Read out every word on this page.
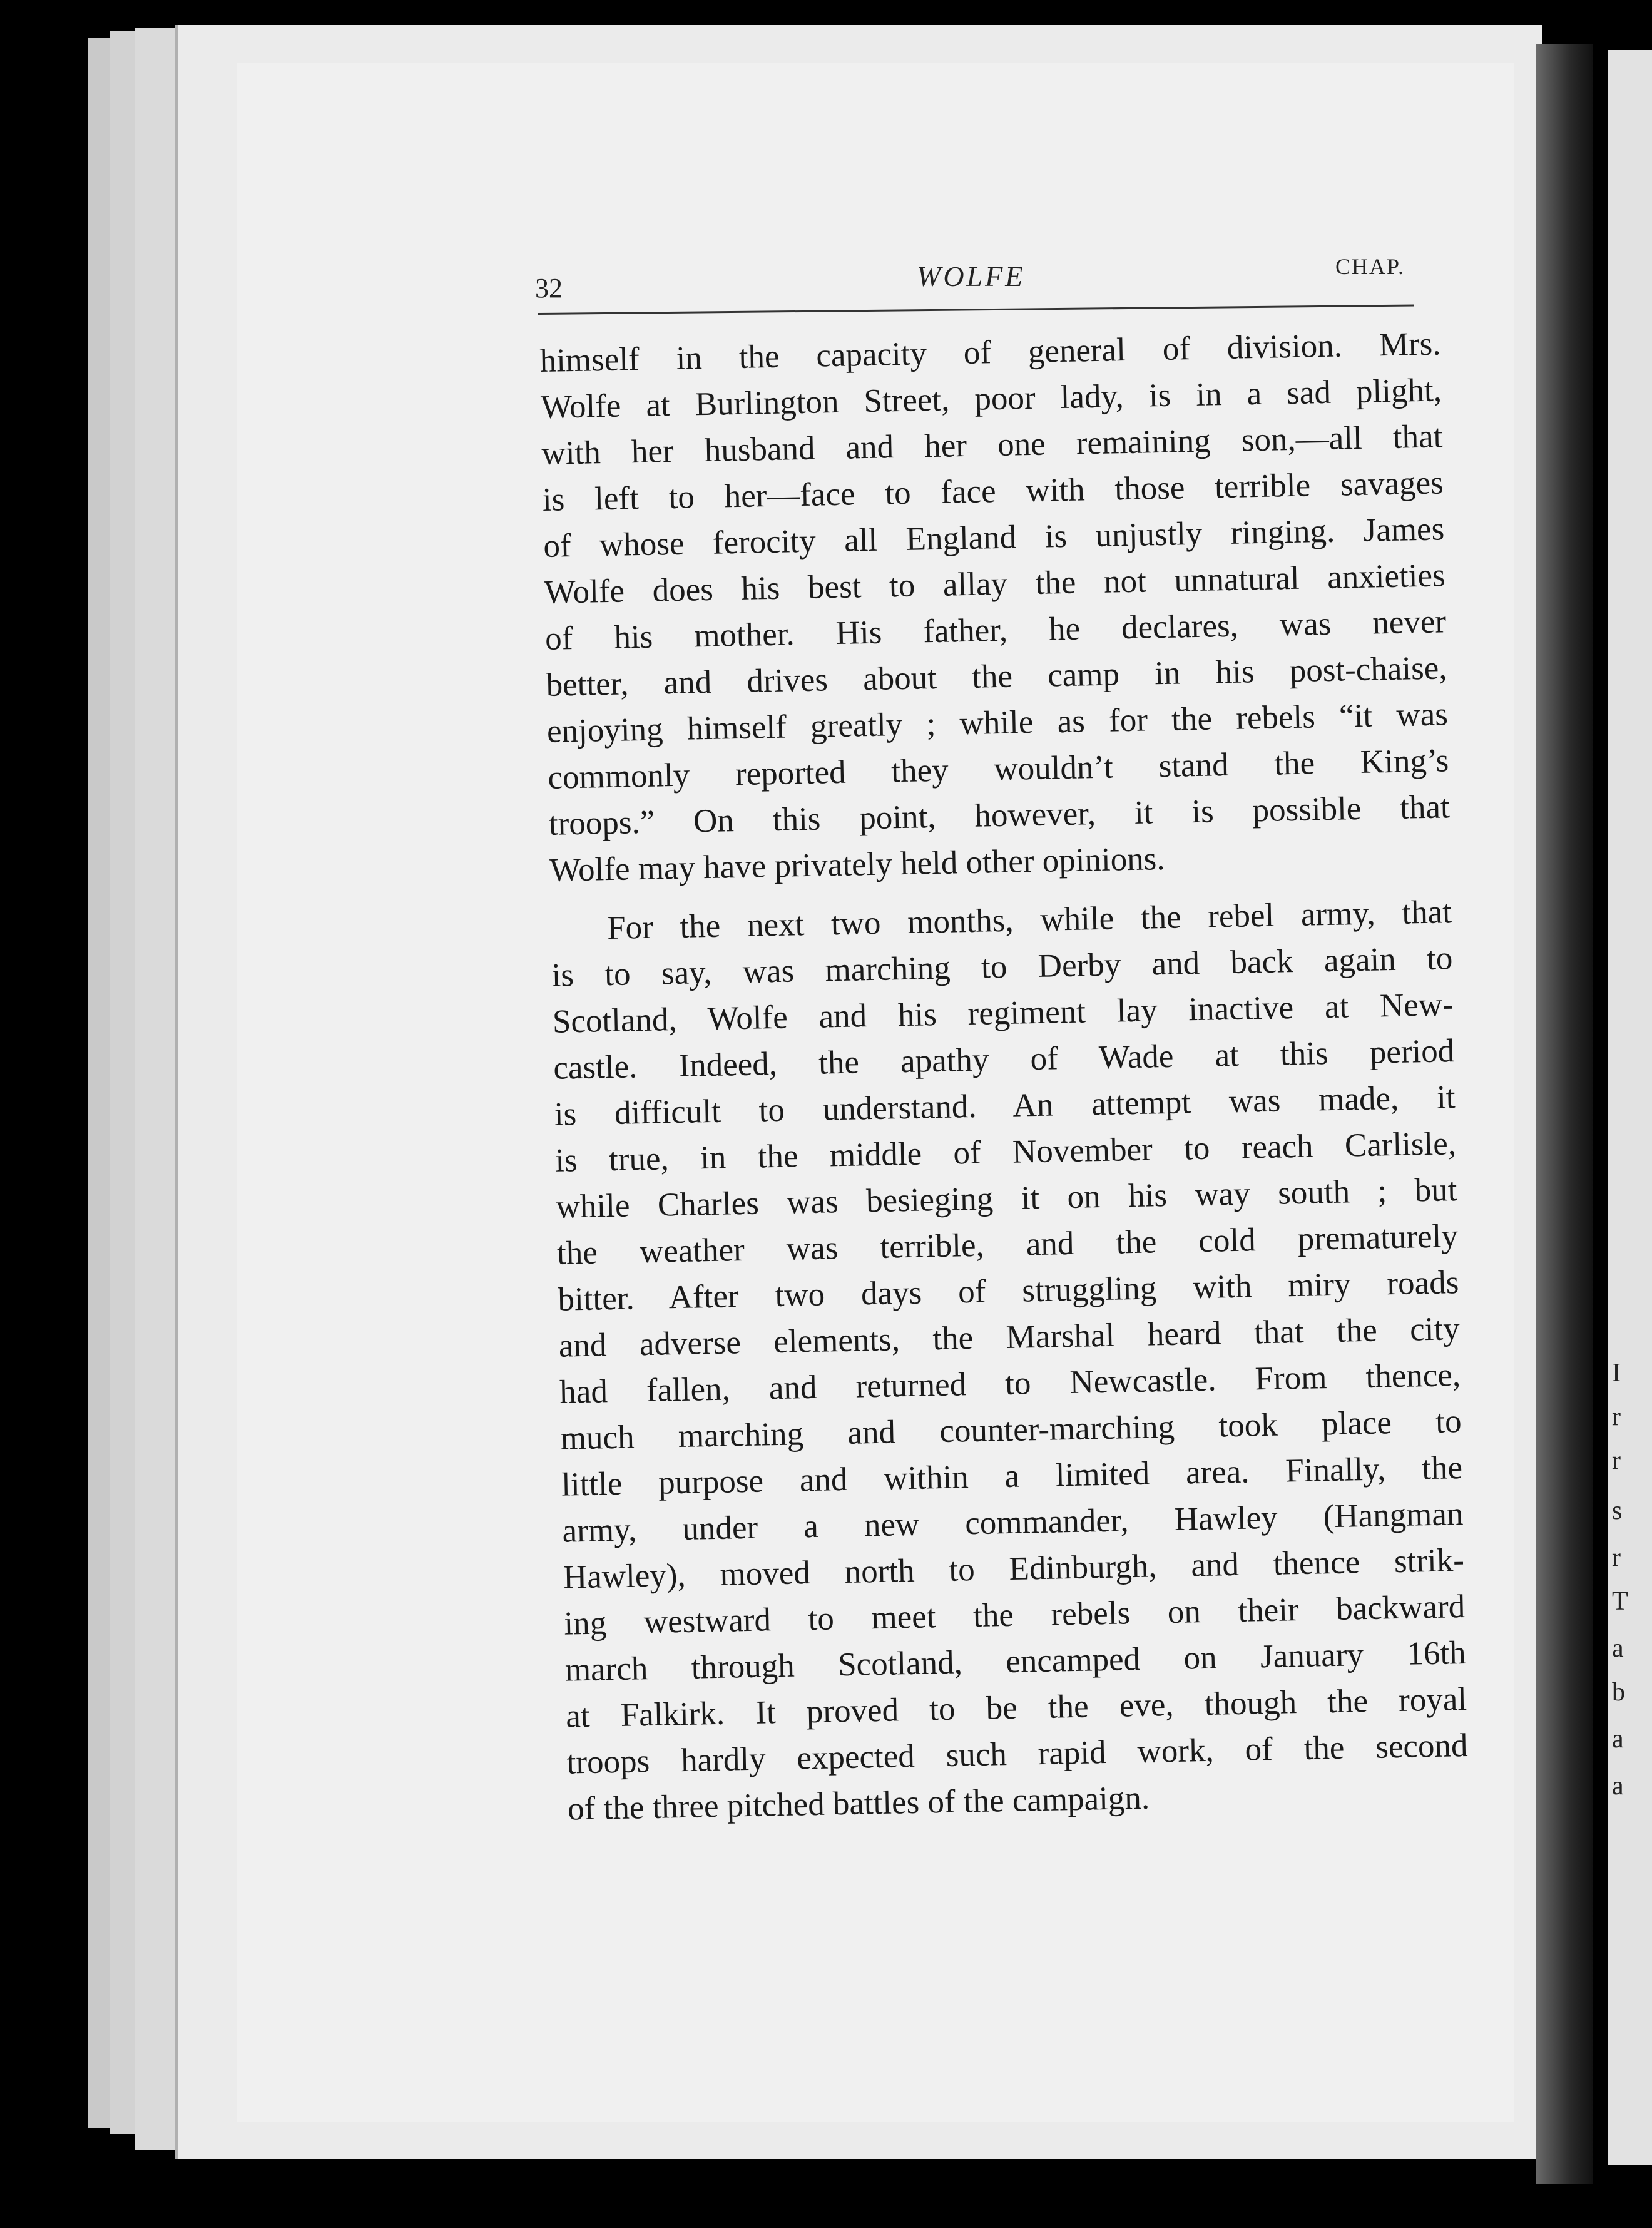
I
r
r
s
r
T
a
b
a
a
32	WOLFE	CHAP.
himself in the capacity of general of division. Mrs.
Wolfe at Burlington Street, poor lady, is in a sad plight,
with her husband and her one remaining son,—all that
is left to her—face to face with those terrible savages
of whose ferocity all England is unjustly ringing. James
Wolfe does his best to allay the not unnatural anxieties
of his mother. His father, he declares, was never
better, and drives about the camp in his post-chaise,
enjoying himself greatly ; while as for the rebels “it was
commonly reported they wouldn’t stand the King’s
troops.” On this point, however, it is possible that
Wolfe may have privately held other opinions.
For the next two months, while the rebel army, that
is to say, was marching to Derby and back again to
Scotland, Wolfe and his regiment lay inactive at New-
castle. Indeed, the apathy of Wade at this period
is difficult to understand. An attempt was made, it
is true, in the middle of November to reach Carlisle,
while Charles was besieging it on his way south ; but
the weather was terrible, and the cold prematurely
bitter. After two days of struggling with miry roads
and adverse elements, the Marshal heard that the city
had fallen, and returned to Newcastle. From thence,
much marching and counter-marching took place to
little purpose and within a limited area. Finally, the
army, under a new commander, Hawley (Hangman
Hawley), moved north to Edinburgh, and thence strik-
ing westward to meet the rebels on their backward
march through Scotland, encamped on January 16th
at Falkirk. It proved to be the eve, though the royal
troops hardly expected such rapid work, of the second
of the three pitched battles of the campaign.
